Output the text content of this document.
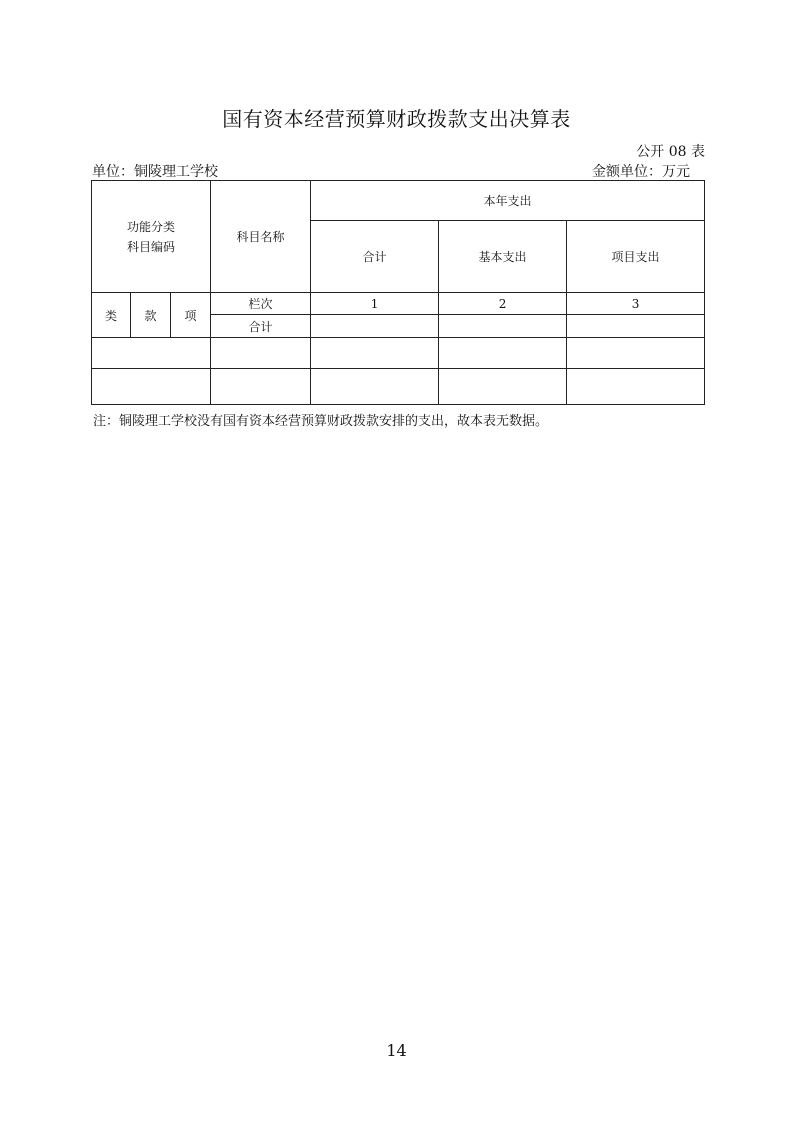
国有资本经营预算财政拨款支出决算表
公开 08 表
单位：铜陵理工学校	金额单位：万元
功能分类
科目编码			科目名称	本年支出		
				合计	基本支出	项目支出
类	款	项	栏次	1	2	3
			合计			

注：铜陵理工学校没有国有资本经营预算财政拨款安排的支出，故本表无数据。
14
